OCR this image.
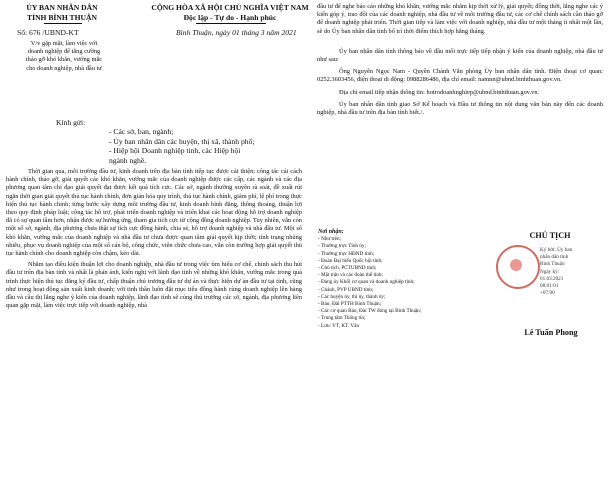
ỦY BAN NHÂN DÂN
TỈNH BÌNH THUẬN
Số: 676 /UBND-KT
V/v gặp mặt, làm việc với
doanh nghiệp để tăng cường
tháo gỡ khó khăn, vướng mắc
cho doanh nghiệp, nhà đầu tư
CỘNG HÒA XÃ HỘI CHỦ NGHĨA VIỆT NAM
Độc lập - Tự do - Hạnh phúc
Bình Thuận, ngày 01 tháng 3 năm 2021
Kính gửi:
- Các sở, ban, ngành;
- Ủy ban nhân dân các huyện, thị xã, thành phố;
- Hiệp hội Doanh nghiệp tỉnh, các Hiệp hội
ngành nghề.

Thời gian qua, môi trường đầu tư, kinh doanh trên địa bàn tỉnh tiếp tục được cải thiện; công tác cải cách hành chính, tháo gỡ, giải quyết các khó khăn, vướng mắc của doanh nghiệp được các cấp, các ngành và các địa phương quan tâm chỉ đạo giải quyết đạt được kết quả tích cực. Các sở, ngành thường xuyên rà soát, đề xuất rút ngắn thời gian giải quyết thủ tục hành chính, đơn giản hóa quy trình, thủ tục hành chính, giảm phí, lệ phí trong thực hiện thủ tục hành chính; từng bước xây dựng môi trường đầu tư, kinh doanh bình đẳng, thông thoáng, thuận lợi theo quy định pháp luật; công tác hỗ trợ, phát triển doanh nghiệp và triển khai các hoạt động hỗ trợ doanh nghiệp đã có sự quan tâm hơn, nhận được sự hưởng ứng, tham gia tích cực từ cộng đồng doanh nghiệp. Tuy nhiên, vẫn còn một số sở, ngành, địa phương chưa thật sự tích cực đồng hành, chia sẻ, hỗ trợ doanh nghiệp và nhà đầu tư. Một số khó khăn, vướng mắc của doanh nghiệp và nhà đầu tư chưa được quan tâm giải quyết kịp thời; tình trạng nhũng nhiễu, phục vụ doanh nghiệp của một số cán bộ, công chức, viên chức chưa cao, vẫn còn trường hợp giải quyết thủ tục hành chính cho doanh nghiệp còn chậm, kéo dài.

Nhằm tạo điều kiện thuận lợi cho doanh nghiệp, nhà đầu tư trong việc tìm hiểu cơ chế, chính sách thu hút đầu tư trên địa bàn tỉnh và nhất là phản ánh, kiến nghị với lãnh đạo tỉnh về những khó khăn, vướng mắc trong quá trình thực hiện thủ tục đăng ký đầu tư, chấp thuận chủ trương đầu tư dự án và thực hiện dự án đầu tư tại tỉnh, cũng như trong hoạt động sản xuất kinh doanh; với tinh thần luôn đặt mục tiêu đồng hành cùng doanh nghiệp lên hàng đầu và cầu thị lắng nghe ý kiến của doanh nghiệp, lãnh đạo tỉnh sẽ củng thủ trưởng các sở, ngành, địa phương liên quan gặp mặt, làm việc trực tiếp với doanh nghiệp, nhà

đầu tư để nghe báo cáo những khó khăn, vướng mắc nhằm kịp thời xử lý, giải quyết; đồng thời, lắng nghe các ý kiến góp ý, trao đổi của các doanh nghiệp, nhà đầu tư về môi trường đầu tư, các cơ chế chính sách cần tháo gỡ để doanh nghiệp phát triển. Thời gian tiếp và làm việc với doanh nghiệp, nhà đầu tư một tháng ít nhất một lần, sẽ do Ủy ban nhân dân tỉnh bố trí thời điểm thích hợp hằng tháng.

Ủy ban nhân dân tỉnh thông báo về đầu mối trực tiếp tiếp nhận ý kiến của doanh nghiệp, nhà đầu tư như sau:

Ông Nguyễn Ngọc Nam - Quyền Chánh Văn phòng Ủy ban nhân dân tỉnh. Điện thoại cơ quan: 0252.3603456, điện thoại di động: 0988286486, địa chỉ email: namnn@ubnd.binhthuan.gov.vn.

Địa chỉ email tiếp nhận thông tin: hotrodoanhnghiep@ubnd.binhthuan.gov.vn.

Ủy ban nhân dân tỉnh giao Sở Kế hoạch và Đầu tư thông tin nội dung văn bản này đến các doanh nghiệp, nhà đầu tư trên địa bàn tỉnh biết./.

Nơi nhận:
- Như trên;
- Thường trực Tỉnh ủy;
- Thường trực HĐND tỉnh;
- Đoàn Đại biểu Quốc hội tỉnh;
- Chủ tịch, PCTUBND tỉnh;
- Mặt trận và các đoàn thể tỉnh;
- Đảng ủy Khối cơ quan và doanh nghiệp tỉnh;
- Chánh, PVP UBND tỉnh;
- Các huyện ủy, thị ủy, thành ủy;
- Báo, Đài PTTH Bình Thuận;
- Các cơ quan Báo, Đài TW đóng tại Bình Thuận;
- Trung tâm Thông tin;
- Lưu: VT, KT. Văn
CHỦ TỊCH
Ký bởi: Ủy ban
nhân dân tỉnh
Bình Thuận
Ngày ký:
01.03.2021
08:01:01
+07:00
Lê Tuấn Phong
